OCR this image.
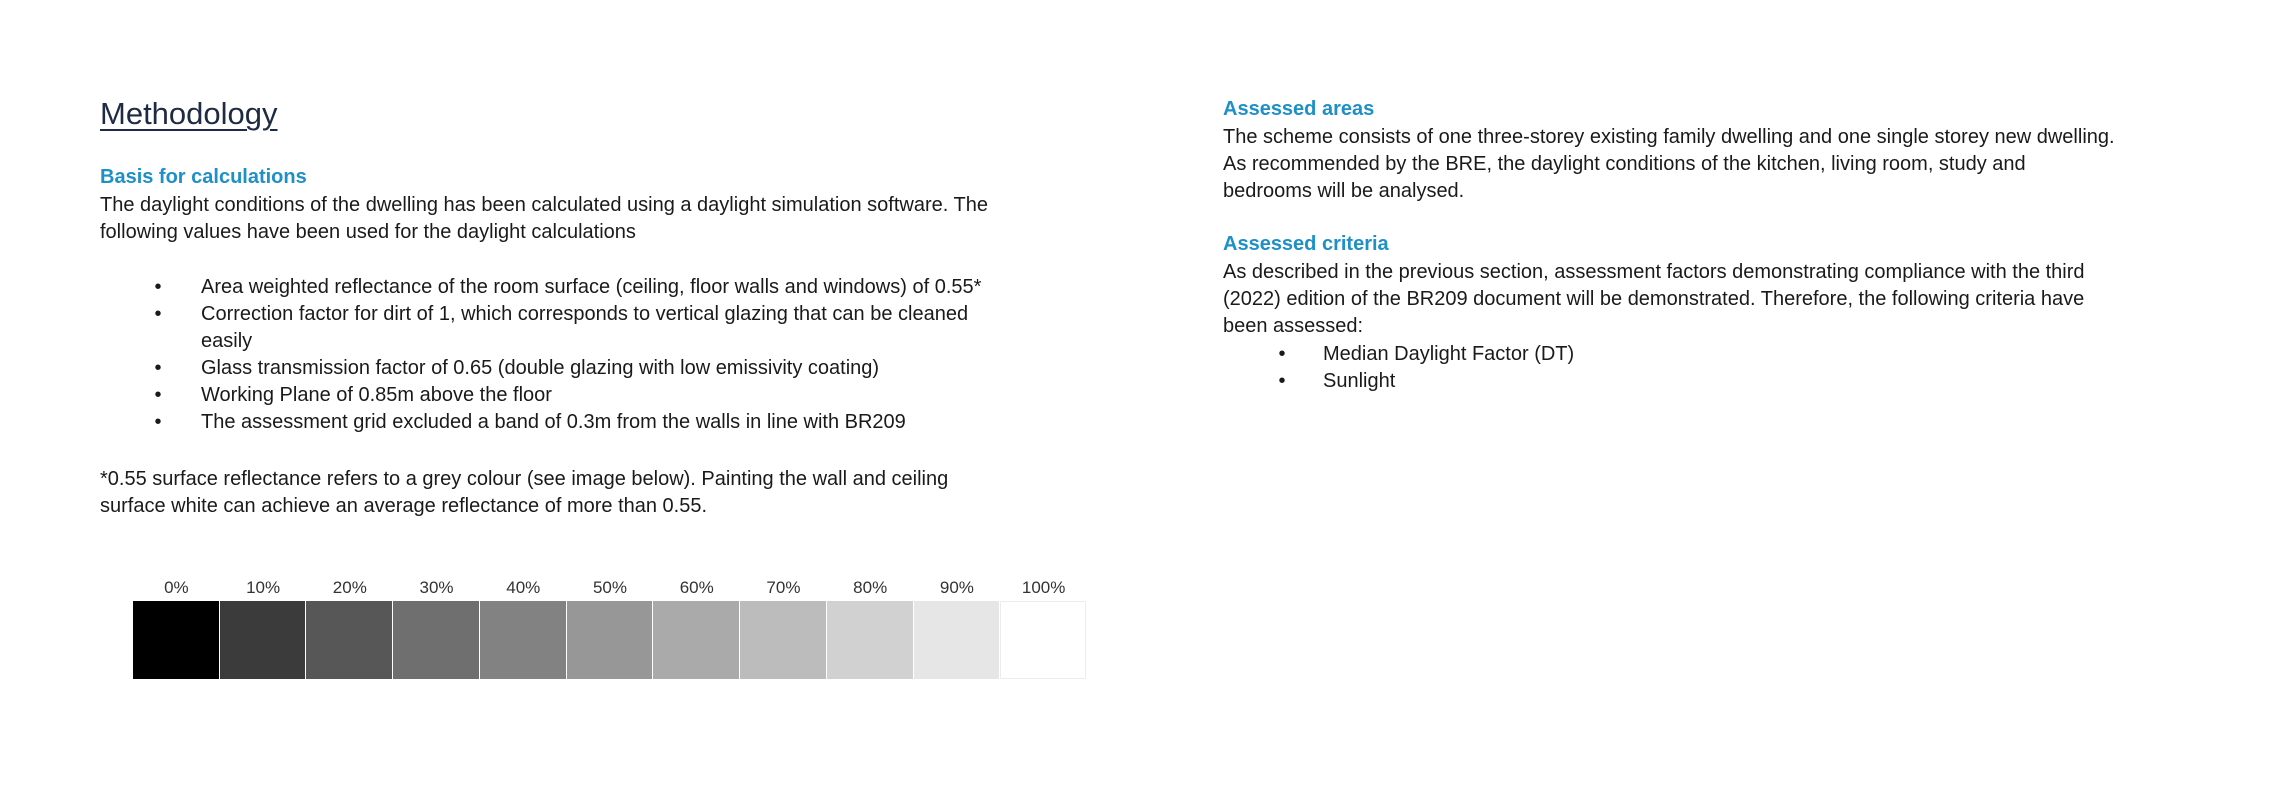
Methodology
Basis for calculations
The daylight conditions of the dwelling has been calculated using a daylight simulation software. The
following values have been used for the daylight calculations
•	Area weighted reflectance of the room surface (ceiling, floor walls and windows) of 0.55*
•	Correction factor for dirt of 1, which corresponds to vertical glazing that can be cleaned
easily
•	Glass transmission factor of 0.65 (double glazing with low emissivity coating)
•	Working Plane of 0.85m above the floor
•	The assessment grid excluded a band of 0.3m from the walls in line with BR209
*0.55 surface reflectance refers to a grey colour (see image below). Painting the wall and ceiling
surface white can achieve an average reflectance of more than 0.55.
0%	10%	20%	30%	40%	50%	60%	70%	80%	90%	100%
Assessed areas
The scheme consists of one three-storey existing family dwelling and one single storey new dwelling.
As recommended by the BRE, the daylight conditions of the kitchen, living room, study and
bedrooms will be analysed.
Assessed criteria
As described in the previous section, assessment factors demonstrating compliance with the third
(2022) edition of the BR209 document will be demonstrated. Therefore, the following criteria have
been assessed:
•	Median Daylight Factor (DT)
•	Sunlight
